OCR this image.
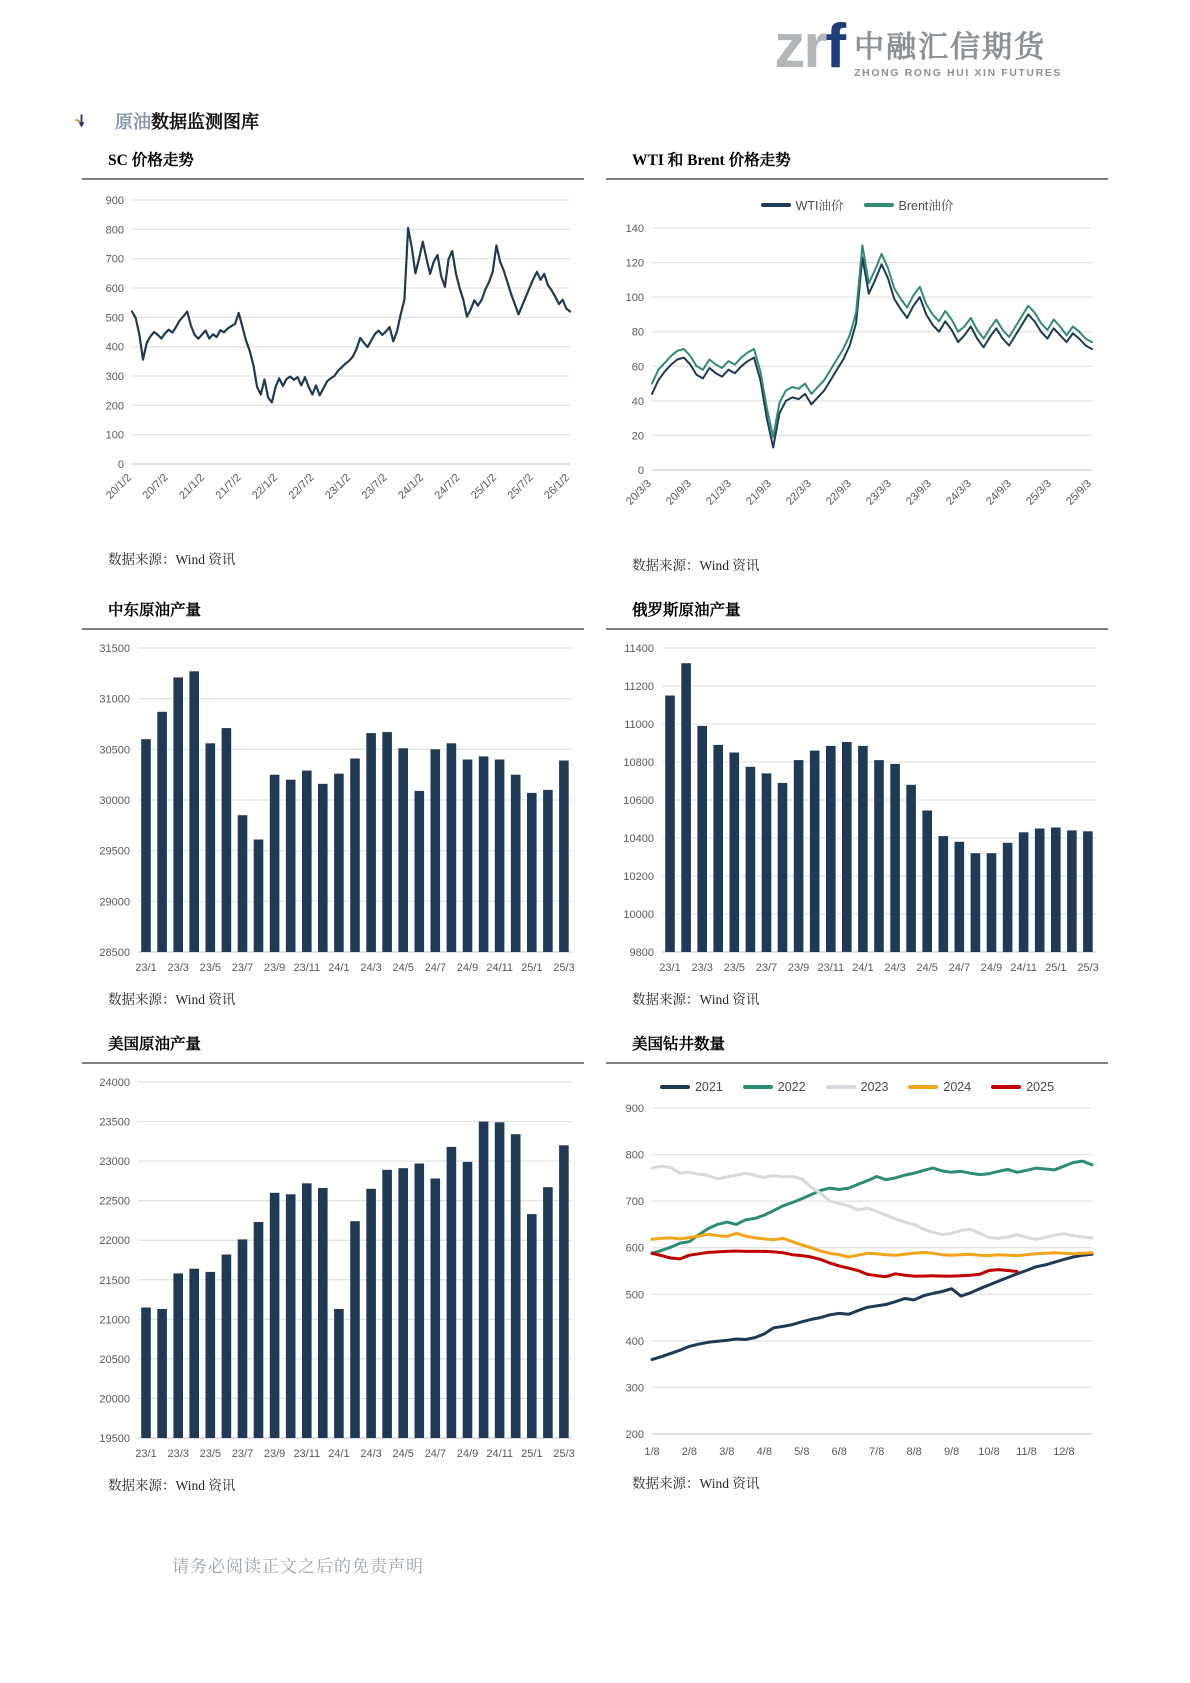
zrf 中融汇信期货
ZHONG RONG HUI XIN FUTURES
原油数据监测图库
SC 价格走势
0
100
200
300
400
500
600
700
800
900
20/1/2 20/7/2 21/1/2 21/7/2 22/1/2 22/7/2 23/1/2 23/7/2 24/1/2 24/7/2 25/1/2 25/7/2 26/1/2
数据来源：Wind 资讯
WTI 和 Brent 价格走势
WTI油价	Brent油价
0
20
40
60
80
100
120
140
20/3/3 20/9/3 21/3/3 21/9/3 22/3/3 22/9/3 23/3/3 23/9/3 24/3/3 24/9/3 25/3/3 25/9/3
数据来源：Wind 资讯
中东原油产量
28500
29000
29500
30000
30500
31000
31500
23/1 23/3 23/5 23/7 23/9 23/11 24/1 24/3 24/5 24/7 24/9 24/11 25/1 25/3
数据来源：Wind 资讯
俄罗斯原油产量
9800
10000
10200
10400
10600
10800
11000
11200
11400
23/1 23/3 23/5 23/7 23/9 23/11 24/1 24/3 24/5 24/7 24/9 24/11 25/1 25/3
数据来源：Wind 资讯
美国原油产量
19500
20000
20500
21000
21500
22000
22500
23000
23500
24000
23/1 23/3 23/5 23/7 23/9 23/11 24/1 24/3 24/5 24/7 24/9 24/11 25/1 25/3
数据来源：Wind 资讯
美国钻井数量
2021	2022	2023	2024	2025
200
300
400
500
600
700
800
900
1/8 2/8 3/8 4/8 5/8 6/8 7/8 8/8 9/8 10/8 11/8 12/8
数据来源：Wind 资讯
请务必阅读正文之后的免责声明
